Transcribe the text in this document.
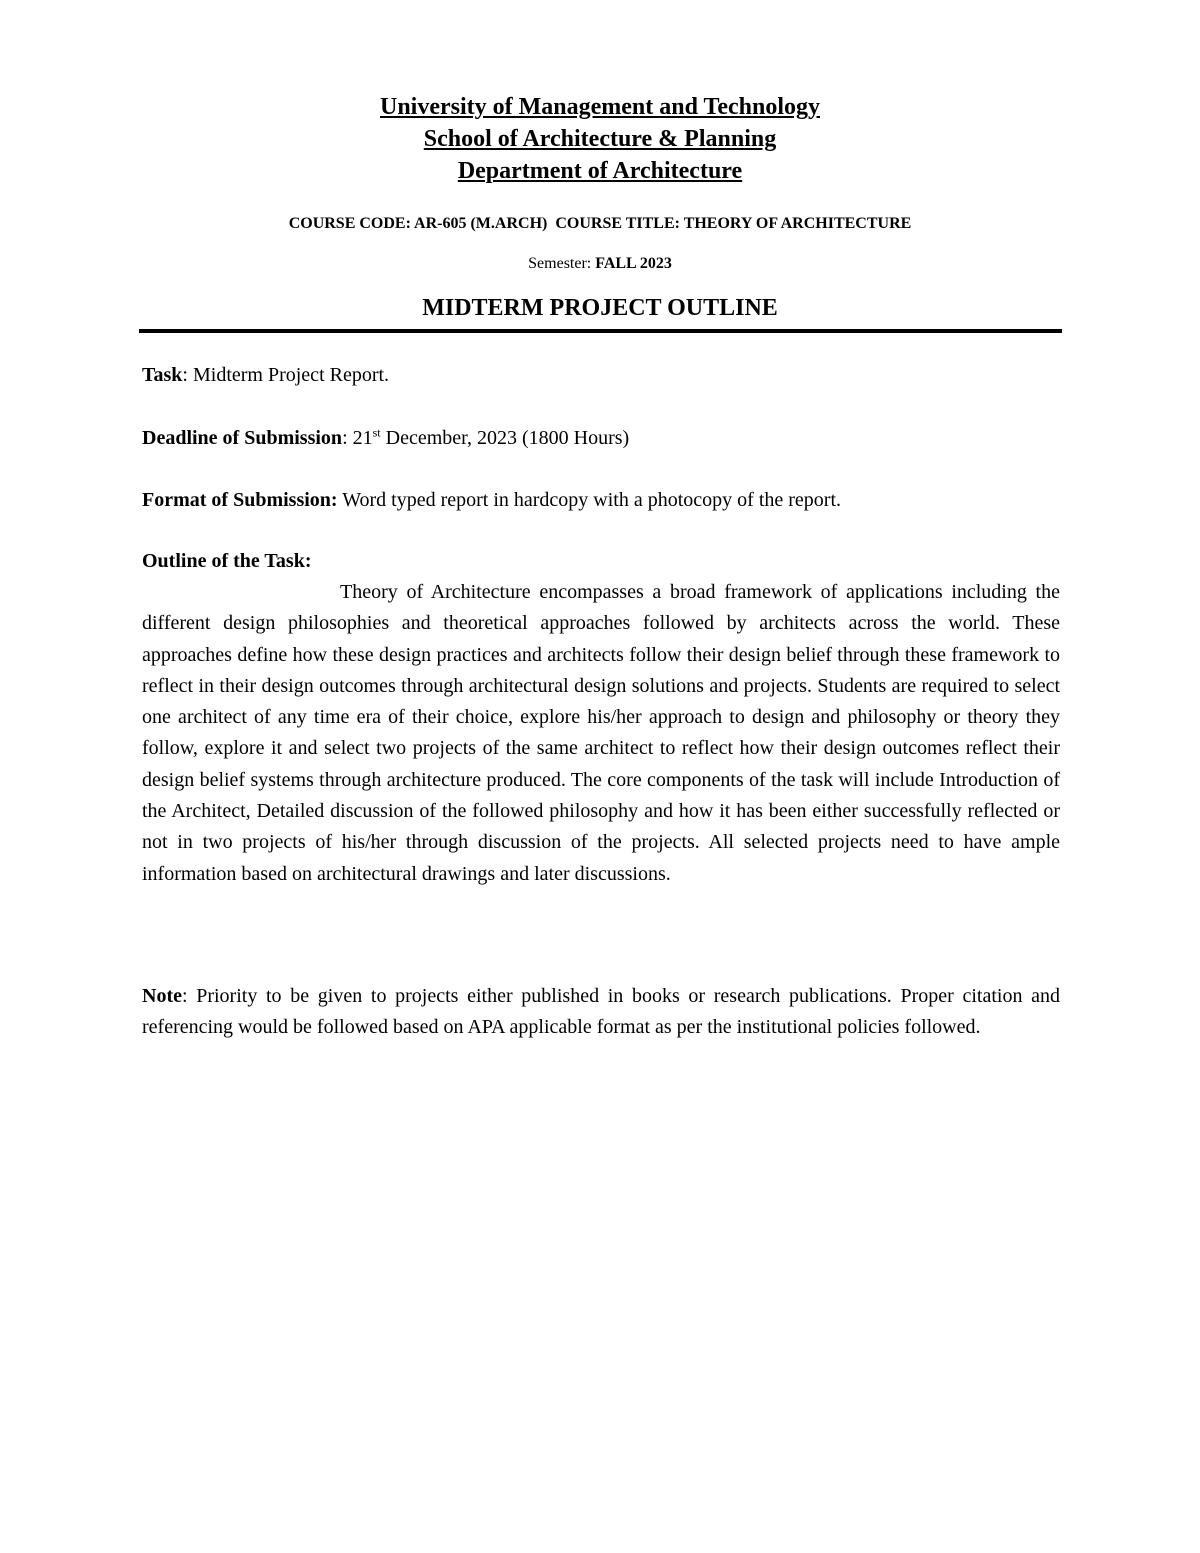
University of Management and Technology
School of Architecture & Planning
Department of Architecture
COURSE CODE: AR-605 (M.ARCH)  COURSE TITLE: THEORY OF ARCHITECTURE
Semester: FALL 2023
MIDTERM PROJECT OUTLINE
Task: Midterm Project Report.
Deadline of Submission: 21st December, 2023 (1800 Hours)
Format of Submission: Word typed report in hardcopy with a photocopy of the report.
Outline of the Task:

Theory of Architecture encompasses a broad framework of applications including the different design philosophies and theoretical approaches followed by architects across the world. These approaches define how these design practices and architects follow their design belief through these framework to reflect in their design outcomes through architectural design solutions and projects. Students are required to select one architect of any time era of their choice, explore his/her approach to design and philosophy or theory they follow, explore it and select two projects of the same architect to reflect how their design outcomes reflect their design belief systems through architecture produced. The core components of the task will include Introduction of the Architect, Detailed discussion of the followed philosophy and how it has been either successfully reflected or not in two projects of his/her through discussion of the projects. All selected projects need to have ample information based on architectural drawings and later discussions.

Note: Priority to be given to projects either published in books or research publications. Proper citation and referencing would be followed based on APA applicable format as per the institutional policies followed.
